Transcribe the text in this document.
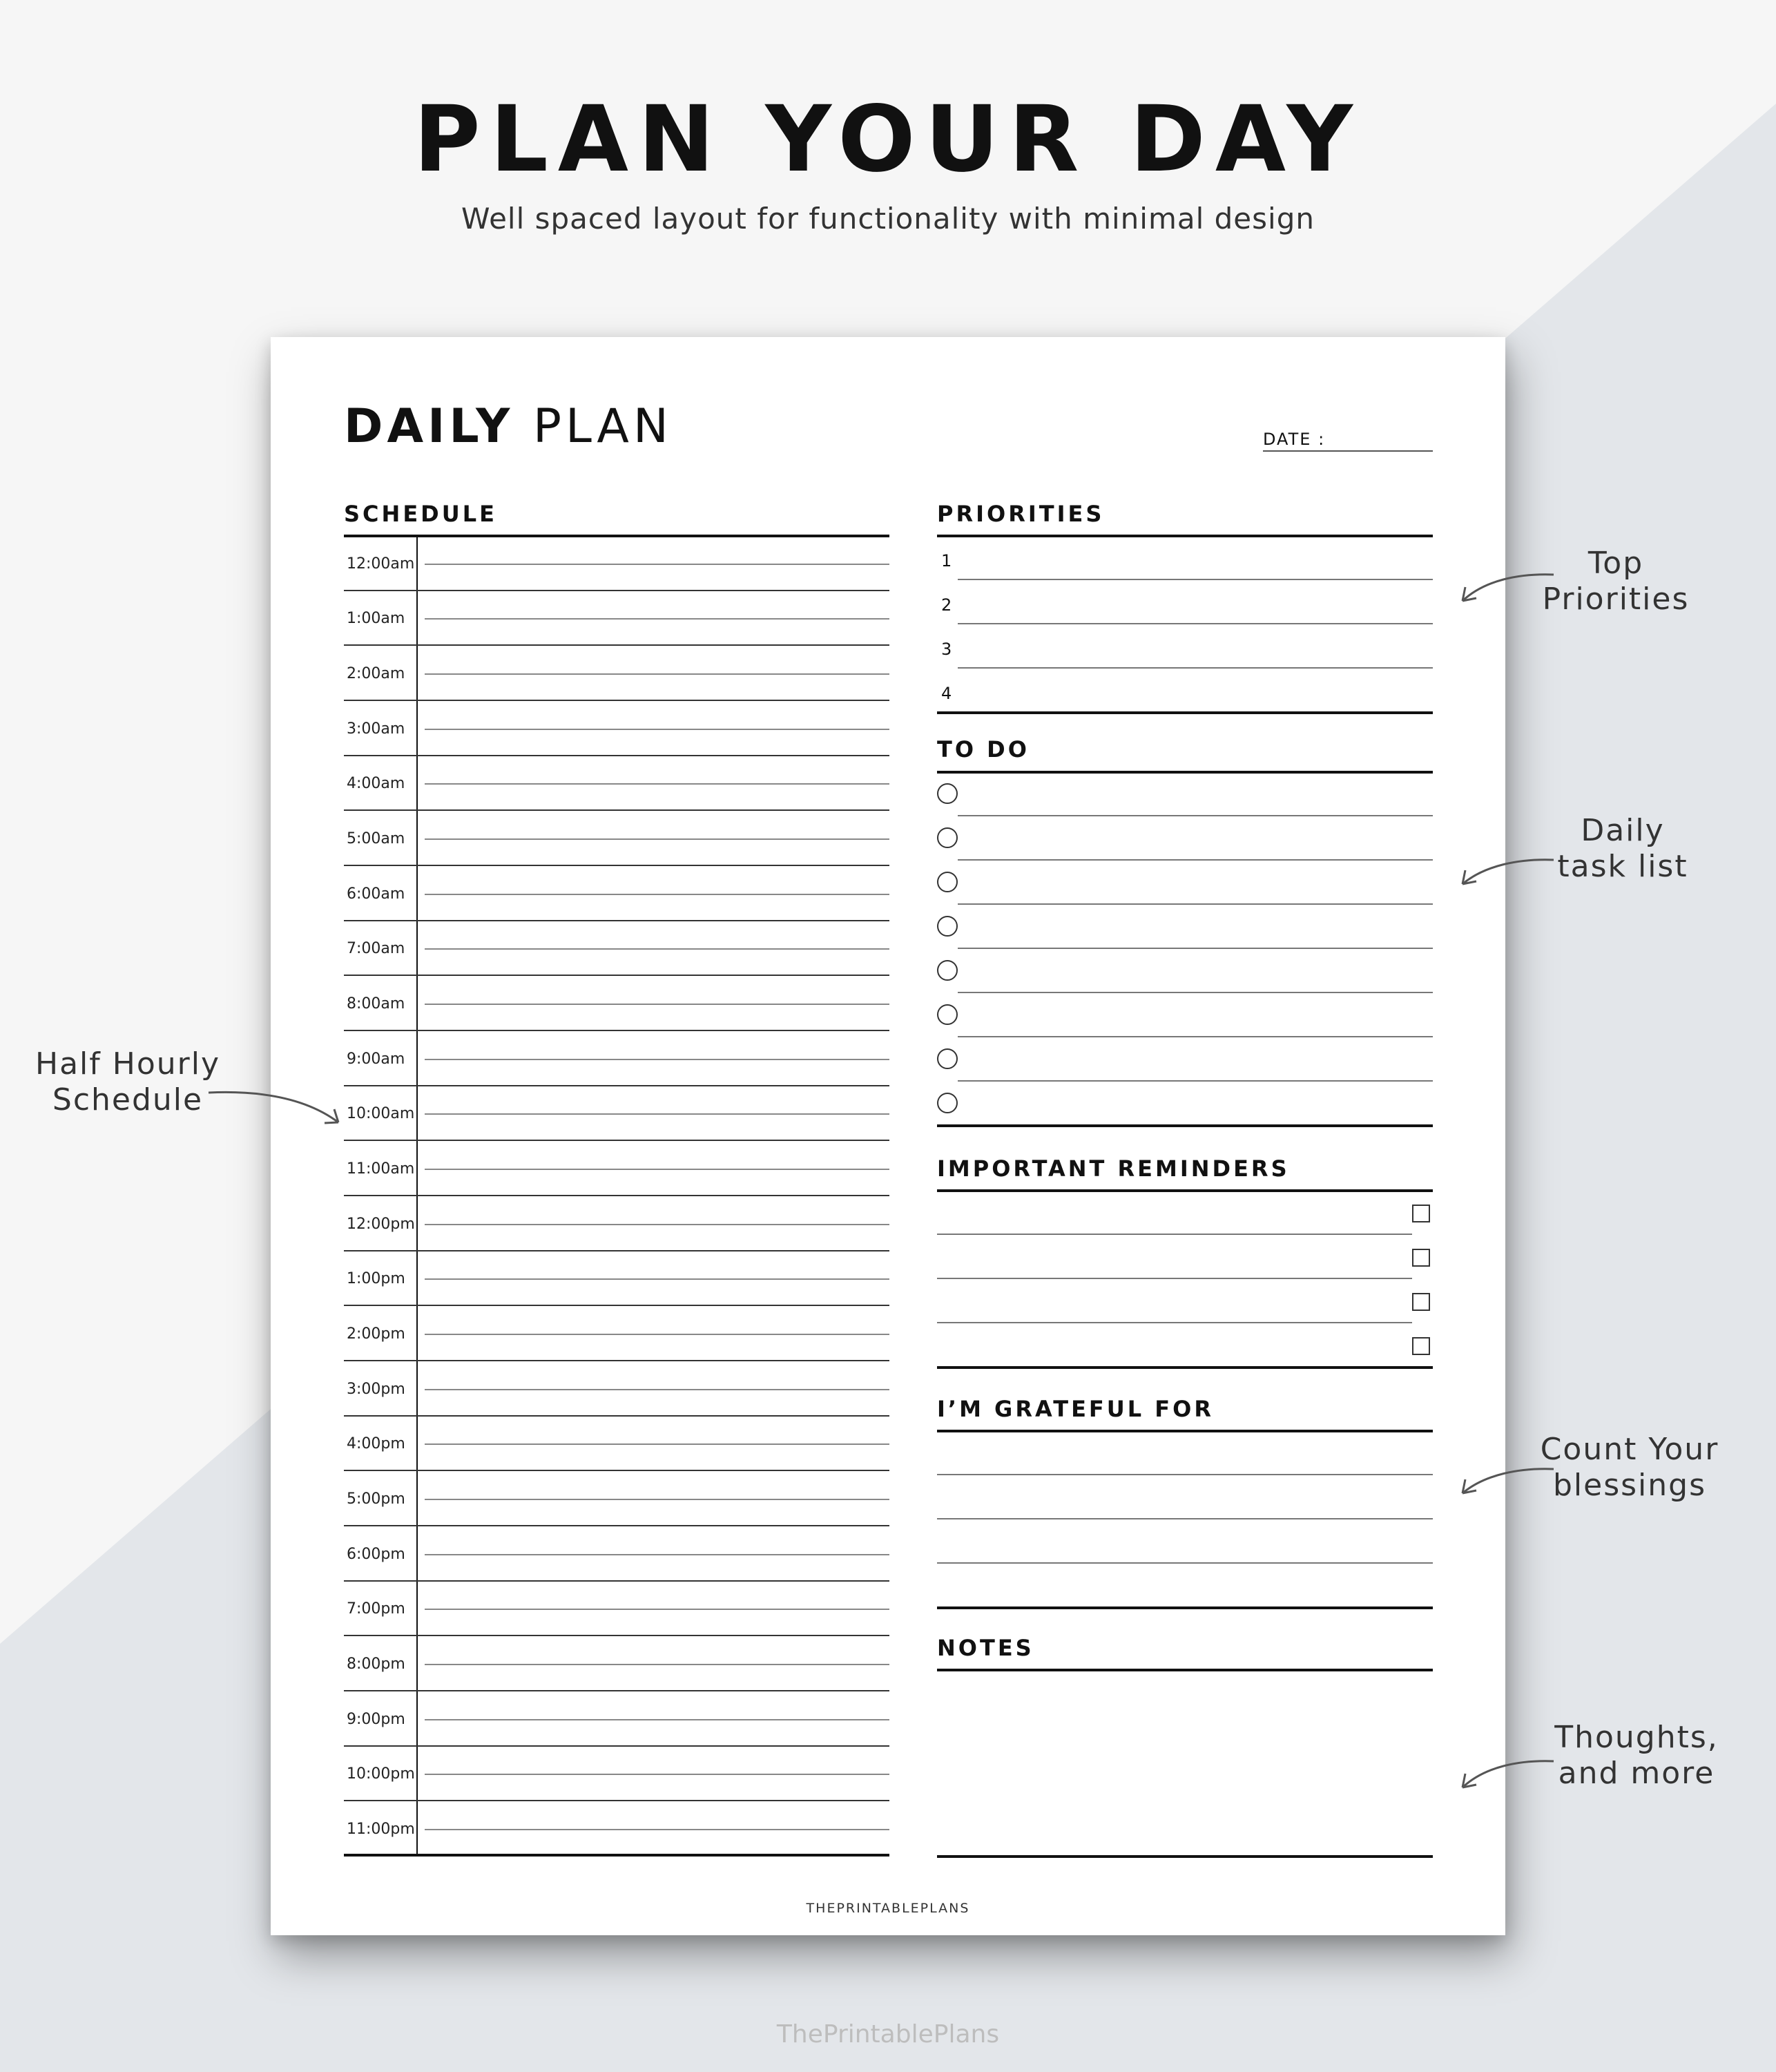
PLAN YOUR DAY
Well spaced layout for functionality with minimal design
DAILY PLAN	DATE :
SCHEDULE
12:00am
1:00am
2:00am
3:00am
4:00am
5:00am
6:00am
7:00am
8:00am
9:00am
10:00am
11:00am
12:00pm
1:00pm
2:00pm
3:00pm
4:00pm
5:00pm
6:00pm
7:00pm
8:00pm
9:00pm
10:00pm
11:00pm
PRIORITIES
1
2
3
4
TO DO
IMPORTANT REMINDERS
I’M GRATEFUL FOR
NOTES
THEPRINTABLEPLANS
Top
Priorities
Daily
task list
Half Hourly
Schedule
Count Your
blessings
Thoughts,
and more
ThePrintablePlans
